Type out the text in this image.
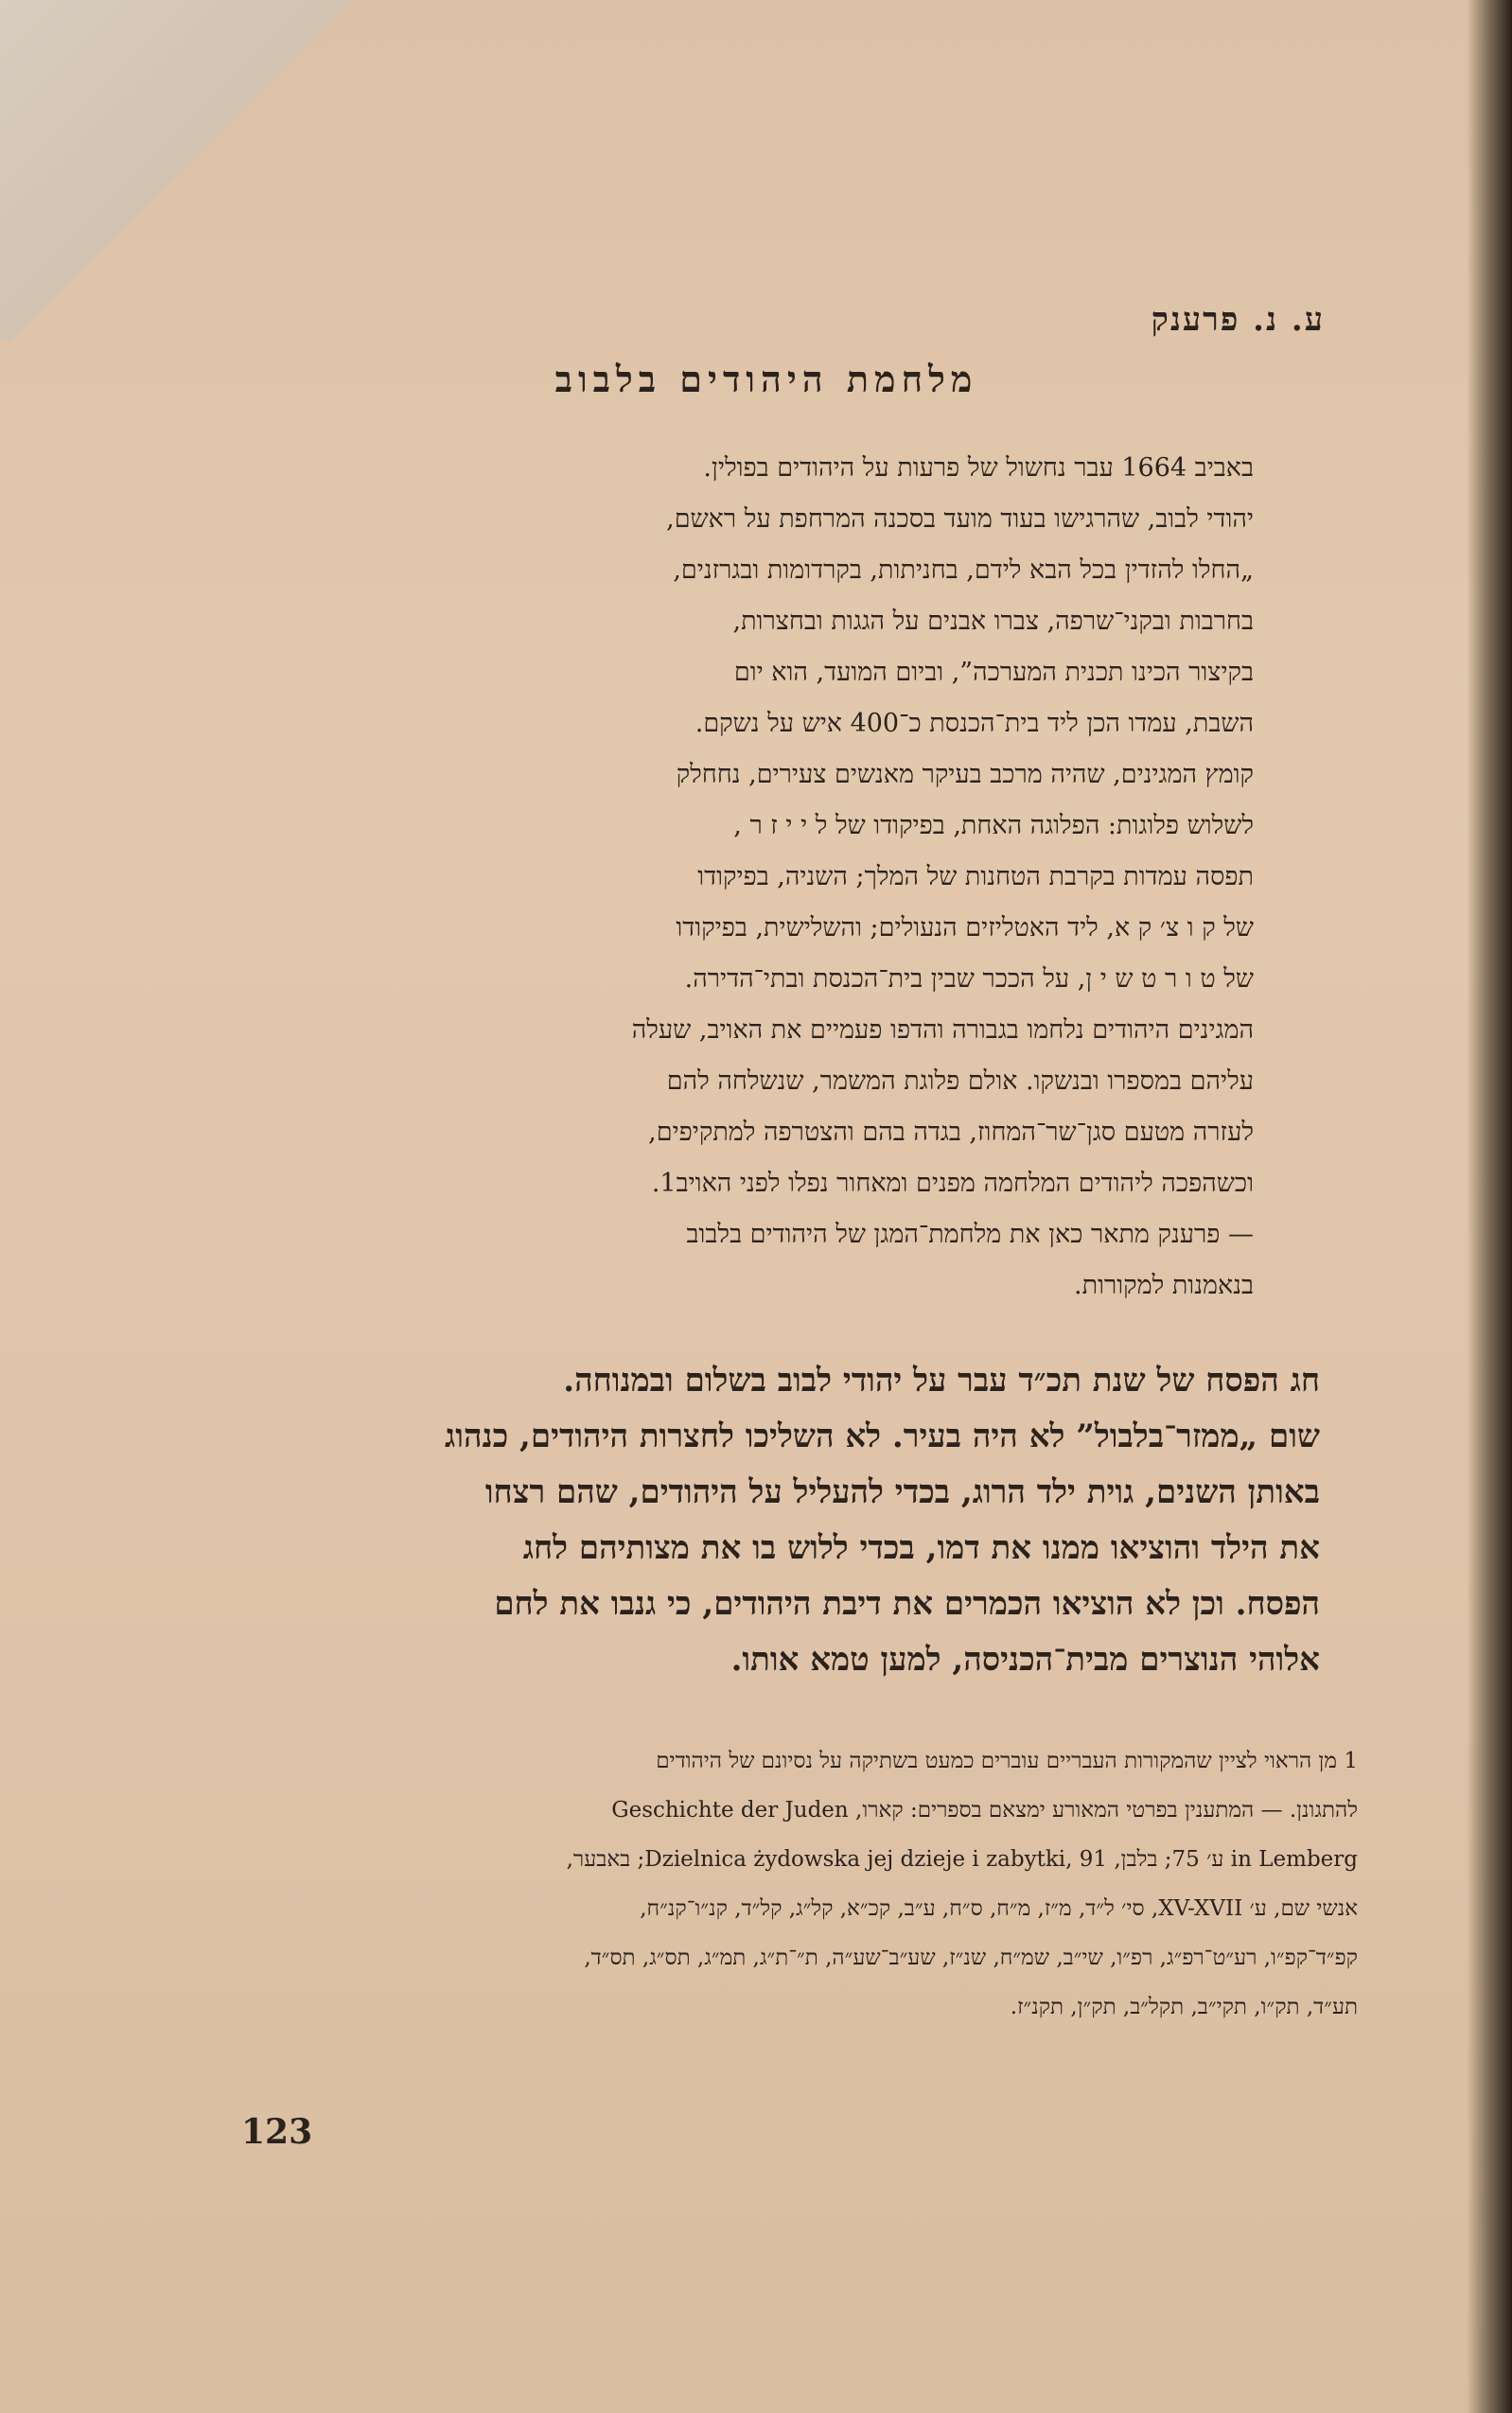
ע. נ. פרענק
מלחמת היהודים בלבוב
באביב 1664 עבר נחשול של פרעות על היהודים בפולין.
יהודי לבוב, שהרגישו בעוד מועד בסכנה המרחפת על ראשם,
„החלו להזדין בכל הבא לידם, בחניתות, בקרדומות ובגרזנים,
בחרבות ובקני־שרפה, צברו אבנים על הגגות ובחצרות,
בקיצור הכינו תכנית המערכה”, וביום המועד, הוא יום
השבת, עמדו הכן ליד בית־הכנסת כ־400 איש על נשקם.
קומץ המגינים, שהיה מרכב בעיקר מאנשים צעירים, נחחלק
לשלוש פלוגות: הפלוגה האחת, בפיקודו של ל י י ז ר ,
תפסה עמדות בקרבת הטחנות של המלך; השניה, בפיקודו
של ק ו צ׳ ק א, ליד האטליזים הנעולים; והשלישית, בפיקודו
של ט ו ר ט ש י ן, על הככר שבין בית־הכנסת ובתי־הדירה.
המגינים היהודים נלחמו בגבורה והדפו פעמיים את האויב, שעלה
עליהם במספרו ובנשקו. אולם פלוגת המשמר, שנשלחה להם
לעזרה מטעם סגן־שר־המחוז, בגדה בהם והצטרפה למתקיפים,
וכשהפכה ליהודים המלחמה מפנים ומאחור נפלו לפני האויב1.
— פרענק מתאר כאן את מלחמת־המגן של היהודים בלבוב
בנאמנות למקורות.
חג הפסח של שנת תכ״ד עבר על יהודי לבוב בשלום ובמנוחה.
שום „ממזר־בלבול” לא היה בעיר. לא השליכו לחצרות היהודים, כנהוג
באותן השנים, גוית ילד הרוג, בכדי להעליל על היהודים, שהם רצחו
את הילד והוציאו ממנו את דמו, בכדי ללוש בו את מצותיהם לחג
הפסח. וכן לא הוציאו הכמרים את דיבת היהודים, כי גנבו את לחם
אלוהי הנוצרים מבית־הכניסה, למען טמא אותו.
1 מן הראוי לציין שהמקורות העבריים עוברים כמעט בשתיקה על נסיונם של היהודים
להתגונן. — המתענין בפרטי המאורע ימצאם בספרים: קארו, Geschichte der Juden
in Lemberg ע׳ 75; בלבן, Dzielnica żydowska jej dzieje i zabytki, 91; באבער,
אנשי שם, ע׳ XV-XVII, סי׳ ל״ד, מ״ז, מ״ח, ס״ח, ע״ב, קכ״א, קל״ג, קל״ד, קנ״ו־קנ״ח,
קפ״ד־קפ״ו, רע״ט־רפ״ג, רפ״ו, שי״ב, שמ״ח, שנ״ז, שע״ב־שע״ה, ת״־ת״ג, תמ״ג, תס״ג, תס״ד,
תע״ד, תק״ו, תקי״ב, תקל״ב, תק״ן, תקנ״ז.
123
